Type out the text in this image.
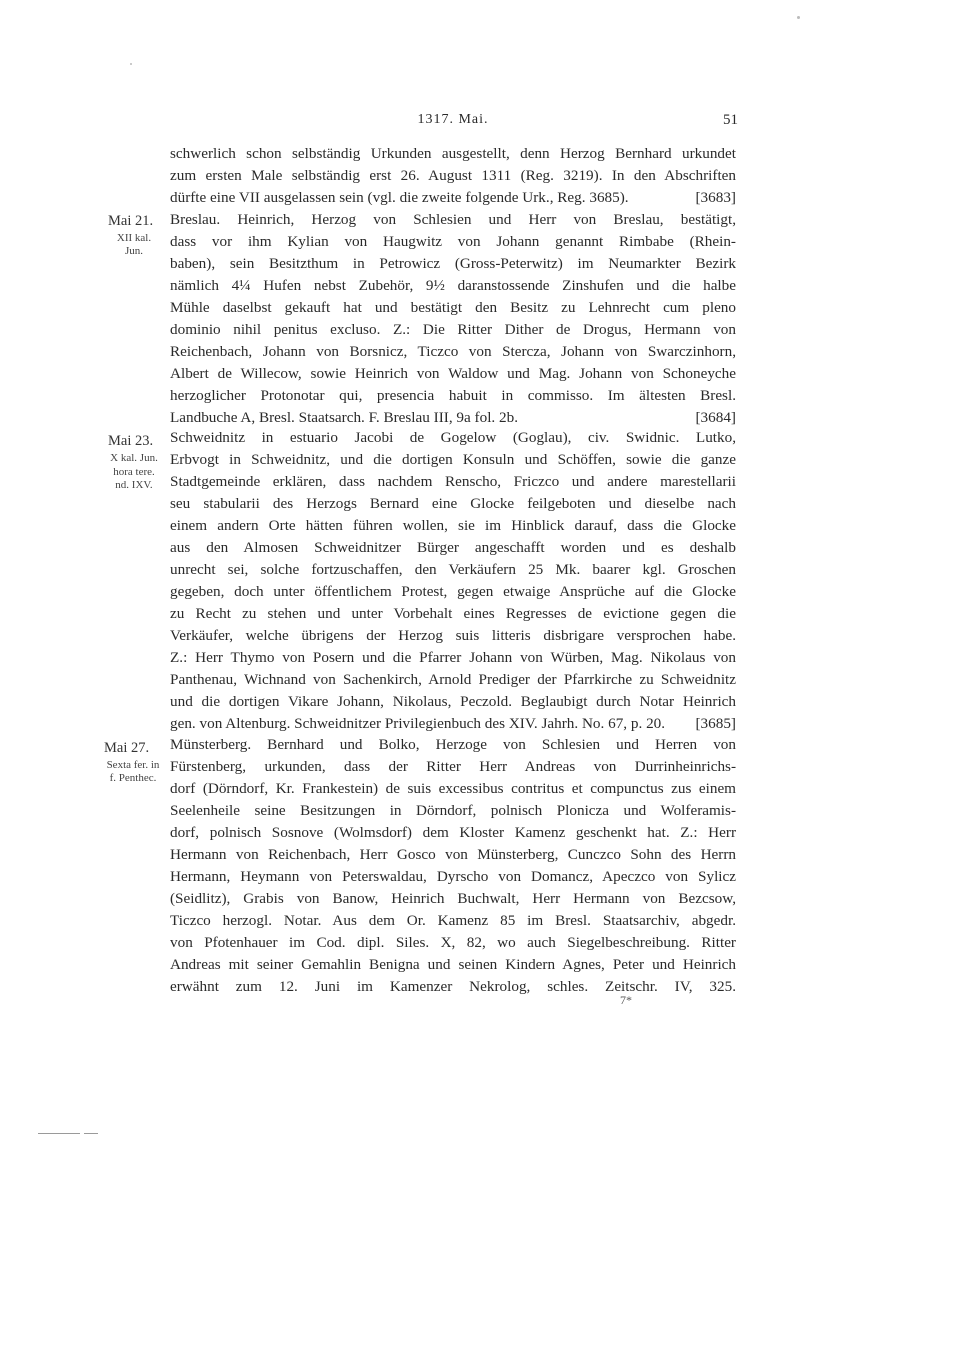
1317. Mai.	51
Mai 21.
XII kal.
Jun.
Mai 23.
X kal. Jun.
hora tere.
nd. IXV.
Mai 27.
Sexta fer. in
f. Penthec.
schwerlich schon selbständig Urkunden ausgestellt, denn Herzog Bernhard urkundet
zum ersten Male selbständig erst 26. August 1311 (Reg. 3219). In den Abschriften
dürfte eine VII ausgelassen sein (vgl. die zweite folgende Urk., Reg. 3685).	[3683]
Breslau. Heinrich, Herzog von Schlesien und Herr von Breslau, bestätigt,
dass vor ihm Kylian von Haugwitz von Johann genannt Rimbabe (Rhein-
baben), sein Besitzthum in Petrowicz (Gross-Peterwitz) im Neumarkter Bezirk
nämlich 4¼ Hufen nebst Zubehör, 9½ daranstossende Zinshufen und die halbe
Mühle daselbst gekauft hat und bestätigt den Besitz zu Lehnrecht cum pleno
dominio nihil penitus excluso. Z.: Die Ritter Dither de Drogus, Hermann von
Reichenbach, Johann von Borsnicz, Ticzco von Stercza, Johann von Swarczinhorn,
Albert de Willecow, sowie Heinrich von Waldow und Mag. Johann von Schoneyche
herzoglicher Protonotar qui, presencia habuit in commisso. Im ältesten Bresl.
Landbuche A, Bresl. Staatsarch. F. Breslau III, 9a fol. 2b.	[3684]
Schweidnitz in estuario Jacobi de Gogelow (Goglau), civ. Swidnic. Lutko,
Erbvogt in Schweidnitz, und die dortigen Konsuln und Schöffen, sowie die ganze
Stadtgemeinde erklären, dass nachdem Renscho, Friczco und andere marestellarii
seu stabularii des Herzogs Bernard eine Glocke feilgeboten und dieselbe nach
einem andern Orte hätten führen wollen, sie im Hinblick darauf, dass die Glocke
aus den Almosen Schweidnitzer Bürger angeschafft worden und es deshalb
unrecht sei, solche fortzuschaffen, den Verkäufern 25 Mk. baarer kgl. Groschen
gegeben, doch unter öffentlichem Protest, gegen etwaige Ansprüche auf die Glocke
zu Recht zu stehen und unter Vorbehalt eines Regresses de evictione gegen die
Verkäufer, welche übrigens der Herzog suis litteris disbrigare versprochen habe.
Z.: Herr Thymo von Posern und die Pfarrer Johann von Würben, Mag. Nikolaus von
Panthenau, Wichnand von Sachenkirch, Arnold Prediger der Pfarrkirche zu Schweidnitz
und die dortigen Vikare Johann, Nikolaus, Peczold. Beglaubigt durch Notar Heinrich
gen. von Altenburg. Schweidnitzer Privilegienbuch des XIV. Jahrh. No. 67, p. 20.	[3685]
Münsterberg. Bernhard und Bolko, Herzoge von Schlesien und Herren von
Fürstenberg, urkunden, dass der Ritter Herr Andreas von Durrinheinrichs-
dorf (Dörndorf, Kr. Frankestein) de suis excessibus contritus et compunctus zus einem
Seelenheile seine Besitzungen in Dörndorf, polnisch Plonicza und Wolferamis-
dorf, polnisch Sosnove (Wolmsdorf) dem Kloster Kamenz geschenkt hat. Z.: Herr
Hermann von Reichenbach, Herr Gosco von Münsterberg, Cunczco Sohn des Herrn
Hermann, Heymann von Peterswaldau, Dyrscho von Domancz, Apeczco von Sylicz
(Seidlitz), Grabis von Banow, Heinrich Buchwalt, Herr Hermann von Bezcsow,
Ticzco herzogl. Notar. Aus dem Or. Kamenz 85 im Bresl. Staatsarchiv, abgedr.
von Pfotenhauer im Cod. dipl. Siles. X, 82, wo auch Siegelbeschreibung. Ritter
Andreas mit seiner Gemahlin Benigna und seinen Kindern Agnes, Peter und Heinrich
erwähnt zum 12. Juni im Kamenzer Nekrolog, schles. Zeitschr. IV, 325.
7*
